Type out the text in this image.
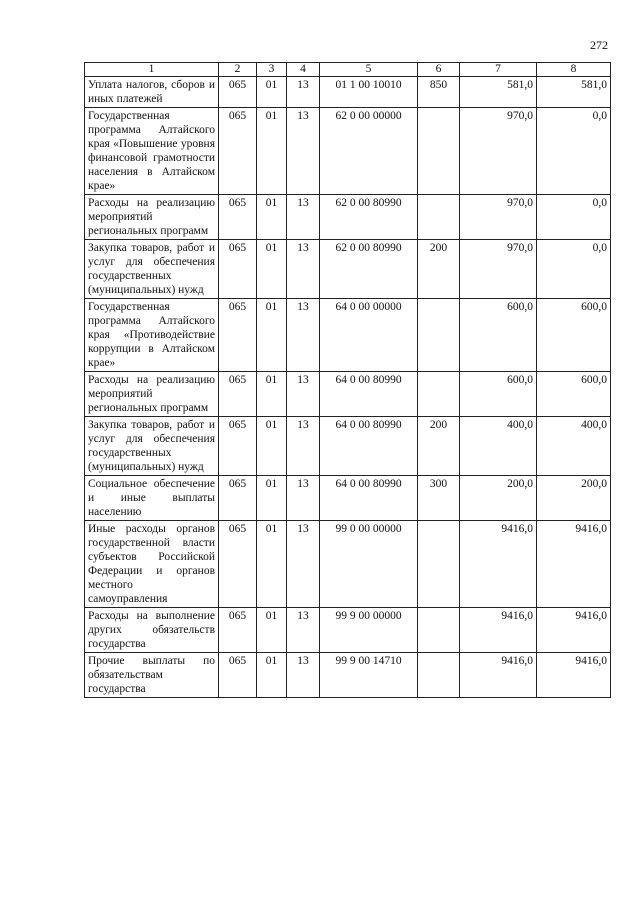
272
1	2	3	4	5	6	7	8
Уплата налогов, сборов и иных платежей	065	01	13	01 1 00 10010	850	581,0	581,0
Государственная программа Алтайского края «Повышение уровня финансовой грамотности населения в Алтайском крае»	065	01	13	62 0 00 00000		970,0	0,0
Расходы на реализацию мероприятий региональных программ	065	01	13	62 0 00 80990		970,0	0,0
Закупка товаров, работ и услуг для обеспечения государственных (муниципальных) нужд	065	01	13	62 0 00 80990	200	970,0	0,0
Государственная программа Алтайского края «Противодействие коррупции в Алтайском крае»	065	01	13	64 0 00 00000		600,0	600,0
Расходы на реализацию мероприятий региональных программ	065	01	13	64 0 00 80990		600,0	600,0
Закупка товаров, работ и услуг для обеспечения государственных (муниципальных) нужд	065	01	13	64 0 00 80990	200	400,0	400,0
Социальное обеспечение и иные выплаты населению	065	01	13	64 0 00 80990	300	200,0	200,0
Иные расходы органов государственной власти субъектов Российской Федерации и органов местного самоуправления	065	01	13	99 0 00 00000		9416,0	9416,0
Расходы на выполнение других обязательств государства	065	01	13	99 9 00 00000		9416,0	9416,0
Прочие выплаты по обязательствам государства	065	01	13	99 9 00 14710		9416,0	9416,0
